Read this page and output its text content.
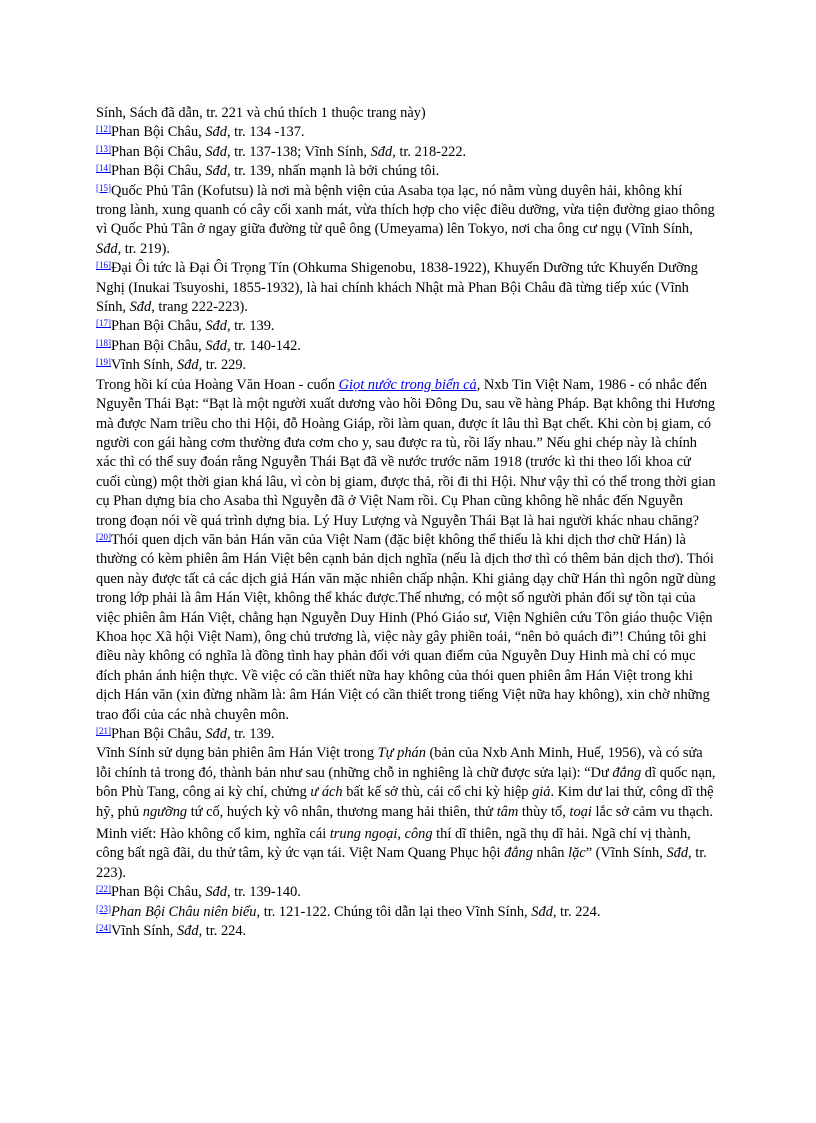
Sính, Sách đã dẫn, tr. 221 và chú thích 1 thuộc trang này)

[12]Phan Bội Châu, Sđd, tr. 134 -137.

[13]Phan Bội Châu, Sđd, tr. 137-138; Vĩnh Sính, Sđd, tr. 218-222.

[14]Phan Bội Châu, Sđd, tr. 139, nhấn mạnh là bởi chúng tôi.

[15]Quốc Phủ Tân (Kofutsu) là nơi mà bệnh viện của Asaba tọa lạc, nó nằm vùng duyên hải, không khí trong lành, xung quanh có cây cối xanh mát, vừa thích hợp cho việc điều dưỡng, vừa tiện đường giao thông vì Quốc Phủ Tân ở ngay giữa đường từ quê ông (Umeyama) lên Tokyo, nơi cha ông cư ngụ (Vĩnh Sính, Sđd, tr. 219).

[16]Đại Ôi tức là Đại Ôi Trọng Tín (Ohkuma Shigenobu, 1838-1922), Khuyển Dưỡng tức Khuyển Dưỡng Nghị (Inukai Tsuyoshi, 1855-1932), là hai chính khách Nhật mà Phan Bội Châu đã từng tiếp xúc (Vĩnh Sính, Sđd, trang 222-223).

[17]Phan Bội Châu, Sđd, tr. 139.

[18]Phan Bội Châu, Sđd, tr. 140-142.

[19]Vĩnh Sính, Sđd, tr. 229.

Trong hồi kí của Hoàng Văn Hoan - cuốn Giọt nước trong biển cả, Nxb Tin Việt Nam, 1986 - có nhắc đến Nguyễn Thái Bạt: “Bạt là một người xuất dương vào hồi Đông Du, sau về hàng Pháp. Bạt không thi Hương mà được Nam triều cho thi Hội, đỗ Hoàng Giáp, rồi làm quan, được ít lâu thì Bạt chết. Khi còn bị giam, có người con gái hàng cơm thường đưa cơm cho y, sau được ra tù, rồi lấy nhau.” Nếu ghi chép này là chính xác thì có thể suy đoán rằng Nguyễn Thái Bạt đã về nước trước năm 1918 (trước kì thi theo lối khoa cử cuối cùng) một thời gian khá lâu, vì còn bị giam, được thả, rồi đi thi Hội. Như vậy thì có thể trong thời gian cụ Phan dựng bia cho Asaba thì Nguyễn đã ở Việt Nam rồi. Cụ Phan cũng không hề nhắc đến Nguyễn trong đoạn nói về quá trình dựng bia. Lý Huy Lượng và Nguyễn Thái Bạt là hai người khác nhau chăng?

[20]Thói quen dịch văn bản Hán văn của Việt Nam (đặc biệt không thể thiếu là khi dịch thơ chữ Hán) là thường có kèm phiên âm Hán Việt bên cạnh bản dịch nghĩa (nếu là dịch thơ thì có thêm bản dịch thơ). Thói quen này được tất cả các dịch giả Hán văn mặc nhiên chấp nhận. Khi giảng dạy chữ Hán thì ngôn ngữ dùng trong lớp phải là âm Hán Việt, không thể khác được.Thế nhưng, có một số người phản đối sự tồn tại của việc phiên âm Hán Việt, chẳng hạn Nguyễn Duy Hinh (Phó Giáo sư, Viện Nghiên cứu Tôn giáo thuộc Viện Khoa học Xã hội Việt Nam), ông chủ trương là, việc này gây phiền toái, “nên bỏ quách đi”! Chúng tôi ghi điều này không có nghĩa là đồng tình hay phản đối với quan điểm của Nguyễn Duy Hinh mà chỉ có mục đích phản ánh hiện thực. Về việc có cần thiết nữa hay không của thói quen phiên âm Hán Việt trong khi dịch Hán văn (xin đừng nhầm là: âm Hán Việt có cần thiết trong tiếng Việt nữa hay không), xin chờ những trao đổi của các nhà chuyên môn.

[21]Phan Bội Châu, Sđd, tr. 139.

Vĩnh Sính sử dụng bản phiên âm Hán Việt trong Tự phán (bản của Nxb Anh Minh, Huế, 1956), và có sửa lỗi chính tả trong đó, thành bản như sau (những chỗ in nghiêng là chữ được sửa lại): “Dư đẳng dĩ quốc nạn, bôn Phù Tang, công ai kỳ chí, chửng ư ách bất kế sở thù, cái cổ chi kỳ hiệp giả. Kim dư lai thử, công dĩ thệ hỹ, phủ ngưỡng tứ cố, huých kỳ vô nhân, thương mang hải thiên, thử tâm thùy tố, toại lắc sở cảm vu thạch.

Minh viết: Hào không cổ kim, nghĩa cái trung ngoại, công thí dĩ thiên, ngã thụ dĩ hải. Ngã chí vị thành, công bất ngã đãi, du thử tâm, kỳ ức vạn tái. Việt Nam Quang Phục hội đẳng nhân lặc” (Vĩnh Sính, Sđd, tr. 223).

[22]Phan Bội Châu, Sđd, tr. 139-140.

[23]Phan Bội Châu niên biểu, tr. 121-122. Chúng tôi dẫn lại theo Vĩnh Sính, Sđd, tr. 224.

[24]Vĩnh Sính, Sđd, tr. 224.
